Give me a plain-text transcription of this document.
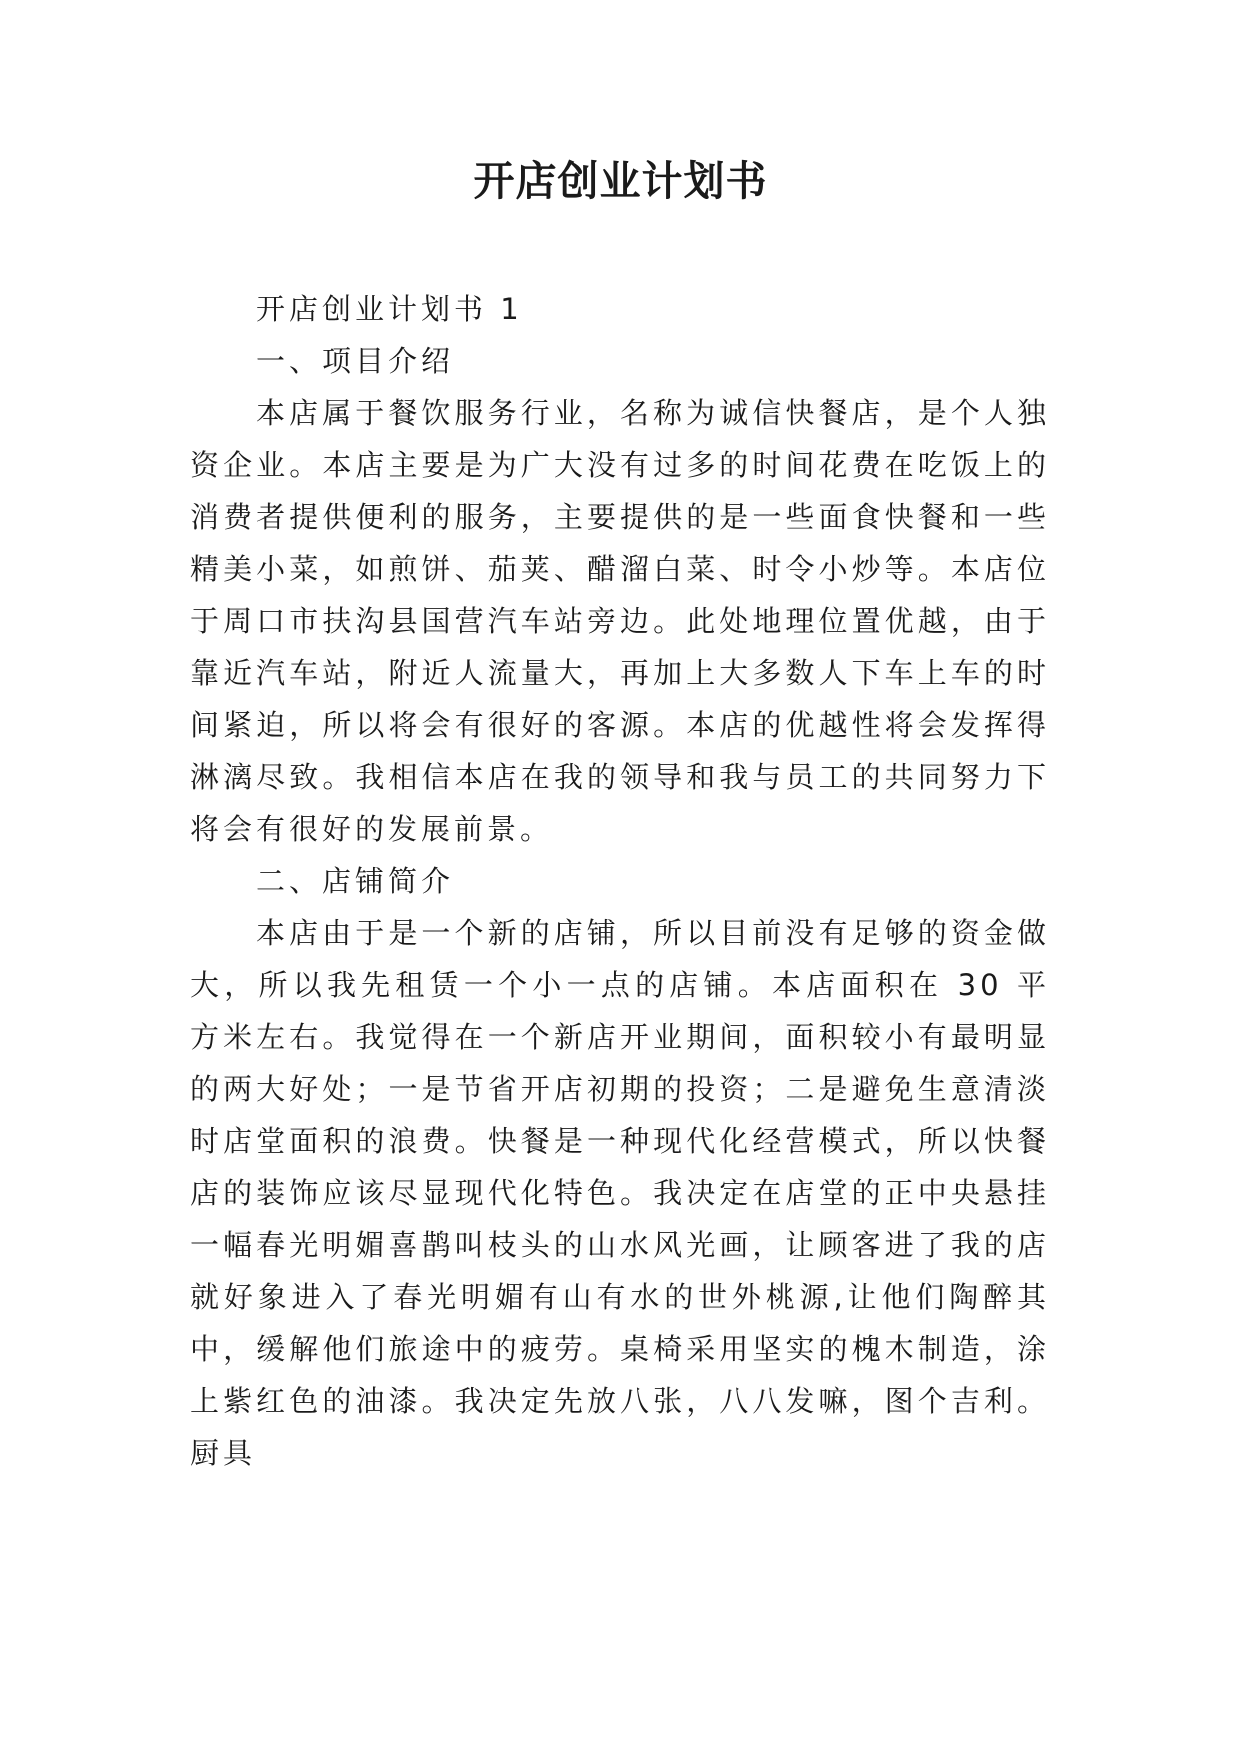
开店创业计划书

开店创业计划书 1

一、项目介绍

本店属于餐饮服务行业，名称为诚信快餐店，是个人独资企业。本店主要是为广大没有过多的时间花费在吃饭上的消费者提供便利的服务，主要提供的是一些面食快餐和一些精美小菜，如煎饼、茄荚、醋溜白菜、时令小炒等。本店位于周口市扶沟县国营汽车站旁边。此处地理位置优越，由于靠近汽车站，附近人流量大，再加上大多数人下车上车的时间紧迫，所以将会有很好的客源。本店的优越性将会发挥得淋漓尽致。我相信本店在我的领导和我与员工的共同努力下将会有很好的发展前景。

二、店铺简介

本店由于是一个新的店铺，所以目前没有足够的资金做大，所以我先租赁一个小一点的店铺。本店面积在 30 平方米左右。我觉得在一个新店开业期间，面积较小有最明显的两大好处；一是节省开店初期的投资；二是避免生意清淡时店堂面积的浪费。快餐是一种现代化经营模式，所以快餐店的装饰应该尽显现代化特色。我决定在店堂的正中央悬挂一幅春光明媚喜鹊叫枝头的山水风光画，让顾客进了我的店就好象进入了春光明媚有山有水的世外桃源,让他们陶醉其中，缓解他们旅途中的疲劳。桌椅采用坚实的槐木制造，涂上紫红色的油漆。我决定先放八张，八八发嘛，图个吉利。厨具
